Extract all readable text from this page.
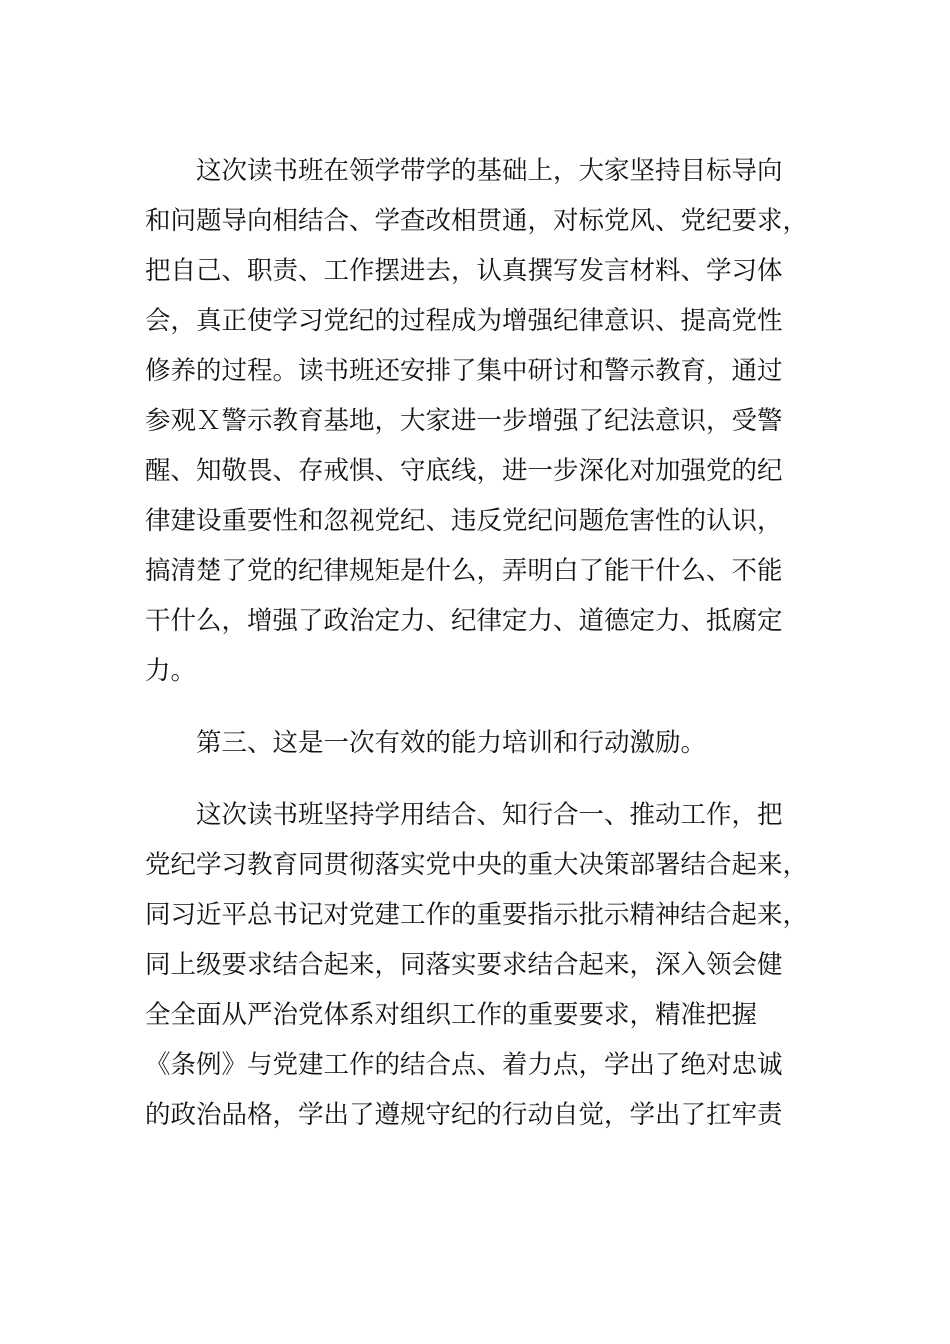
这次读书班在领学带学的基础上，大家坚持目标导向
和问题导向相结合、学查改相贯通，对标党风、党纪要求，
把自己、职责、工作摆进去，认真撰写发言材料、学习体
会，真正使学习党纪的过程成为增强纪律意识、提高党性
修养的过程。读书班还安排了集中研讨和警示教育，通过
参观Ｘ警示教育基地，大家进一步增强了纪法意识，受警
醒、知敬畏、存戒惧、守底线，进一步深化对加强党的纪
律建设重要性和忽视党纪、违反党纪问题危害性的认识，
搞清楚了党的纪律规矩是什么，弄明白了能干什么、不能
干什么，增强了政治定力、纪律定力、道德定力、抵腐定
力。
第三、这是一次有效的能力培训和行动激励。
这次读书班坚持学用结合、知行合一、推动工作，把
党纪学习教育同贯彻落实党中央的重大决策部署结合起来，
同习近平总书记对党建工作的重要指示批示精神结合起来，
同上级要求结合起来，同落实要求结合起来，深入领会健
全全面从严治党体系对组织工作的重要要求，精准把握
《条例》与党建工作的结合点、着力点，学出了绝对忠诚
的政治品格，学出了遵规守纪的行动自觉，学出了扛牢责
